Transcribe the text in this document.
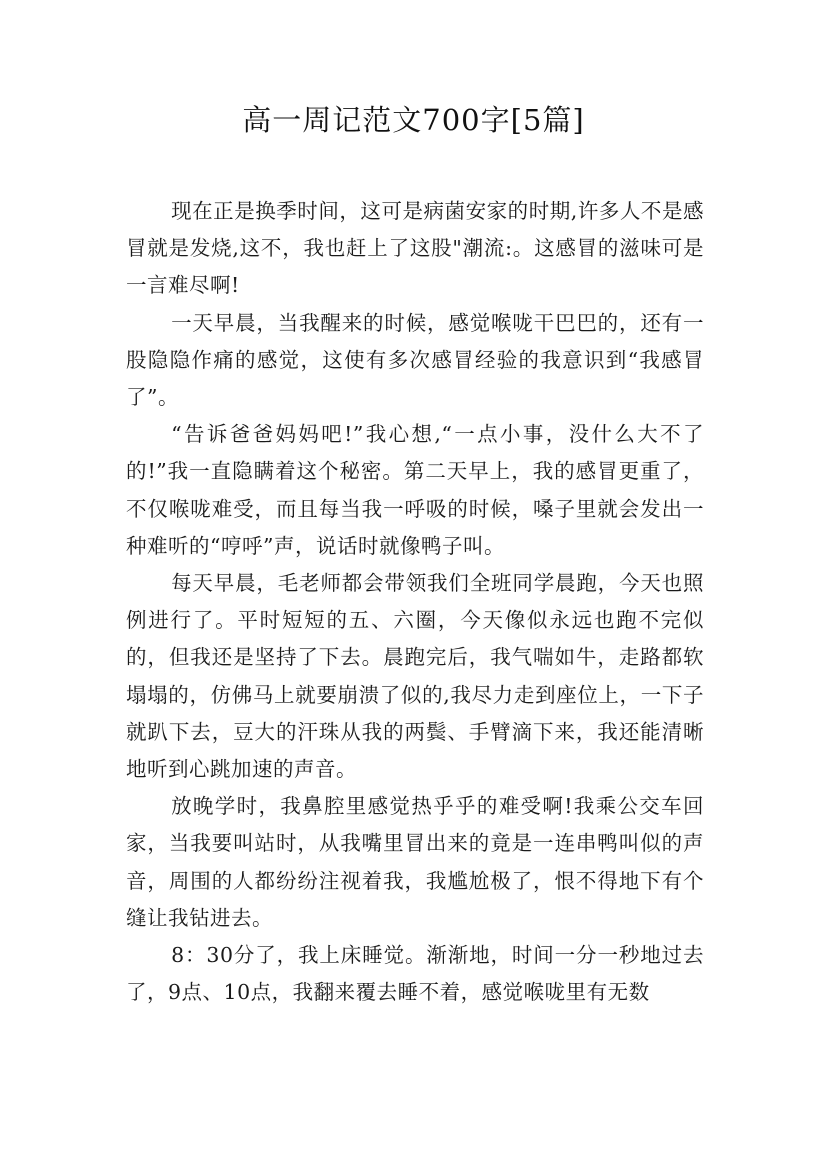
高一周记范文700字[5篇]

现在正是换季时间，这可是病菌安家的时期,许多人不是感冒就是发烧,这不，我也赶上了这股"潮流:。这感冒的滋味可是一言难尽啊!

一天早晨，当我醒来的时候，感觉喉咙干巴巴的，还有一股隐隐作痛的感觉，这使有多次感冒经验的我意识到“我感冒了”。

“告诉爸爸妈妈吧!”我心想,“一点小事，没什么大不了的!”我一直隐瞒着这个秘密。第二天早上，我的感冒更重了，不仅喉咙难受，而且每当我一呼吸的时候，嗓子里就会发出一种难听的“哼呼”声，说话时就像鸭子叫。

每天早晨，毛老师都会带领我们全班同学晨跑，今天也照例进行了。平时短短的五、六圈，今天像似永远也跑不完似的，但我还是坚持了下去。晨跑完后，我气喘如牛，走路都软塌塌的，仿佛马上就要崩溃了似的,我尽力走到座位上，一下子就趴下去，豆大的汗珠从我的两鬓、手臂滴下来，我还能清晰地听到心跳加速的声音。

放晚学时，我鼻腔里感觉热乎乎的难受啊!我乘公交车回家，当我要叫站时，从我嘴里冒出来的竟是一连串鸭叫似的声音，周围的人都纷纷注视着我，我尴尬极了，恨不得地下有个缝让我钻进去。

8：30分了，我上床睡觉。渐渐地，时间一分一秒地过去了，9点、10点，我翻来覆去睡不着，感觉喉咙里有无数
